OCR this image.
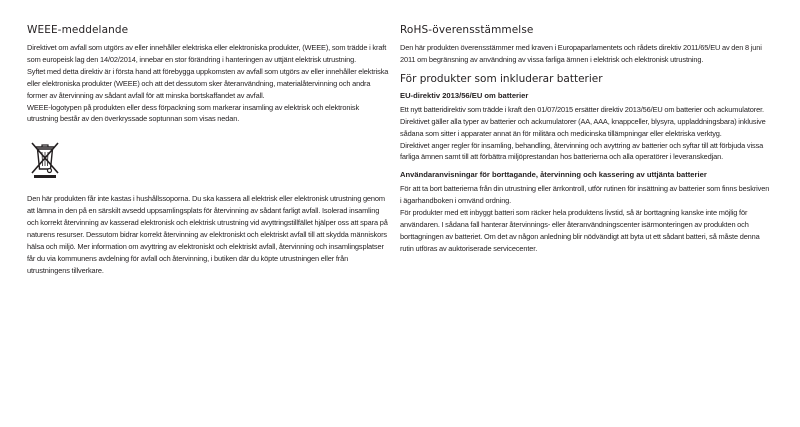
WEEE-meddelande

Direktivet om avfall som utgörs av eller innehåller elektriska eller elektroniska produkter, (WEEE), som trädde i kraft som europeisk lag den 14/02/2014, innebar en stor förändring i hanteringen av uttjänt elektrisk utrustning.

Syftet med detta direktiv är i första hand att förebygga uppkomsten av avfall som utgörs av eller innehåller elektriska eller elektroniska produkter (WEEE) och att det dessutom sker återanvändning, materialåtervinning och andra former av återvinning av sådant avfall för att minska bortskaffandet av avfall.

WEEE-logotypen på produkten eller dess förpackning som markerar insamling av elektrisk och elektronisk utrustning består av den överkryssade soptunnan som visas nedan.

Den här produkten får inte kastas i hushållssoporna. Du ska kassera all elektrisk eller elektronisk utrustning genom att lämna in den på en särskilt avsedd uppsamlingsplats för återvinning av sådant farligt avfall. Isolerad insamling och korrekt återvinning av kasserad elektronisk och elektrisk utrustning vid avyttringstillfället hjälper oss att spara på naturens resurser. Dessutom bidrar korrekt återvinning av elektroniskt och elektriskt avfall till att skydda människors hälsa och miljö. Mer information om avyttring av elektroniskt och elektriskt avfall, återvinning och insamlingsplatser får du via kommunens avdelning för avfall och återvinning, i butiken där du köpte utrustningen eller från utrustningens tillverkare.

RoHS-överensstämmelse

Den här produkten överensstämmer med kraven i Europaparlamentets och rådets direktiv 2011/65/EU av den 8 juni 2011 om begränsning av användning av vissa farliga ämnen i elektrisk och elektronisk utrustning.

För produkter som inkluderar batterier
EU-direktiv 2013/56/EU om batterier

Ett nytt batteridirektiv som trädde i kraft den 01/07/2015 ersätter direktiv 2013/56/EU om batterier och ackumulatorer. Direktivet gäller alla typer av batterier och ackumulatorer (AA, AAA, knappceller, blysyra, uppladdningsbara) inklusive sådana som sitter i apparater annat än för militära och medicinska tillämpningar eller elektriska verktyg.

Direktivet anger regler för insamling, behandling, återvinning och avyttring av batterier och syftar till att förbjuda vissa farliga ämnen samt till att förbättra miljöprestandan hos batterierna och alla operatörer i leveranskedjan.

Användaranvisningar för borttagande, återvinning och kassering av uttjänta batterier

För att ta bort batterierna från din utrustning eller ärrkontroll, utför rutinen för insättning av batterier som finns beskriven i ägarhandboken i omvänd ordning.

För produkter med ett inbyggt batteri som räcker hela produktens livstid, så är borttagning kanske inte möjlig för användaren. I sådana fall hanterar återvinnings- eller återanvändningscenter isärmonteringen av produkten och borttagningen av batteriet. Om det av någon anledning blir nödvändigt att byta ut ett sådant batteri, så måste denna rutin utföras av auktoriserade servicecenter.
